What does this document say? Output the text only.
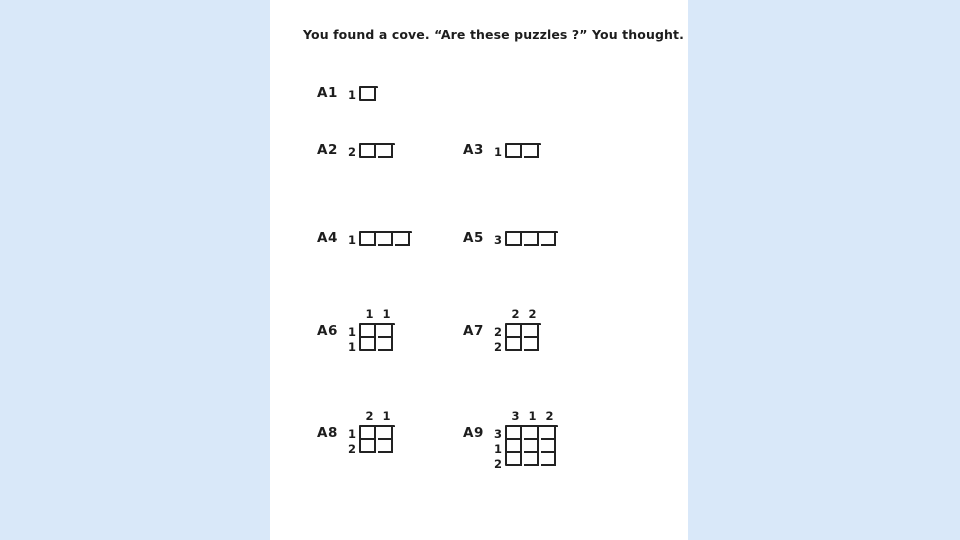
You found a cove. “Are these puzzles ?” You thought.
A1 1
A2 2	A3 1
A4 1	A5 3
A6
1 1
1
1
A7
2 2
2
2
A8
2 1
1
2
A9
3 1 2
3
1
2
